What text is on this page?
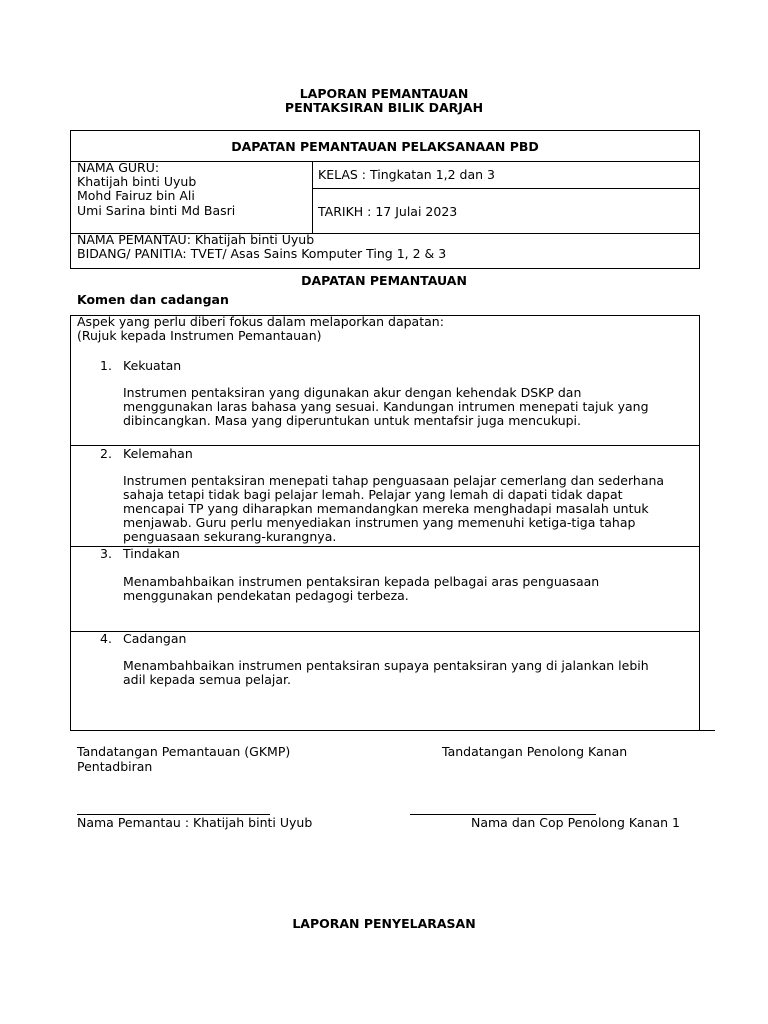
LAPORAN PEMANTAUAN
PENTAKSIRAN BILIK DARJAH
DAPATAN PEMANTAUAN PELAKSANAAN PBD
NAMA GURU:
Khatijah binti Uyub
Mohd Fairuz bin Ali
Umi Sarina binti Md Basri
KELAS : Tingkatan 1,2 dan 3
TARIKH : 17 Julai 2023
NAMA PEMANTAU: Khatijah binti Uyub
BIDANG/ PANITIA: TVET/ Asas Sains Komputer Ting 1, 2 & 3
DAPATAN PEMANTAUAN
Komen dan cadangan
Aspek yang perlu diberi fokus dalam melaporkan dapatan:
(Rujuk kepada Instrumen Pemantauan)
1. Kekuatan
Instrumen pentaksiran yang digunakan akur dengan kehendak DSKP dan
menggunakan laras bahasa yang sesuai. Kandungan intrumen menepati tajuk yang
dibincangkan. Masa yang diperuntukan untuk mentafsir juga mencukupi.
2. Kelemahan
Instrumen pentaksiran menepati tahap penguasaan pelajar cemerlang dan sederhana
sahaja tetapi tidak bagi pelajar lemah. Pelajar yang lemah di dapati tidak dapat
mencapai TP yang diharapkan memandangkan mereka menghadapi masalah untuk
menjawab. Guru perlu menyediakan instrumen yang memenuhi ketiga-tiga tahap
penguasaan sekurang-kurangnya.
3. Tindakan
Menambahbaikan instrumen pentaksiran kepada pelbagai aras penguasaan
menggunakan pendekatan pedagogi terbeza.
4. Cadangan
Menambahbaikan instrumen pentaksiran supaya pentaksiran yang di jalankan lebih
adil kepada semua pelajar.
Tandatangan Pemantauan (GKMP)
Pentadbiran
Tandatangan Penolong Kanan
Nama Pemantau : Khatijah binti Uyub	Nama dan Cop Penolong Kanan 1
LAPORAN PENYELARASAN
